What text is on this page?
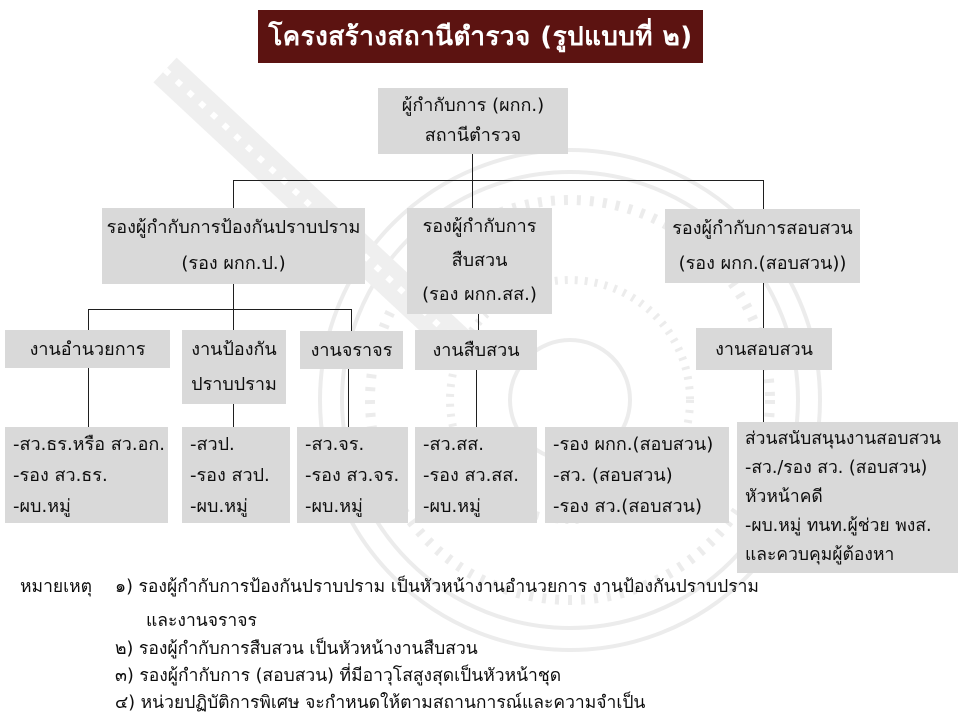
โครงสร้างสถานีตำรวจ (รูปแบบที่ ๒)
ผู้กำกับการ (ผกก.)
สถานีตำรวจ
รองผู้กำกับการป้องกันปราบปราม
(รอง ผกก.ป.)
รองผู้กำกับการ
สืบสวน
(รอง ผกก.สส.)
รองผู้กำกับการสอบสวน
(รอง ผกก.(สอบสวน))
งานอำนวยการ	งานป้องกัน
ปราบปราม
งานจราจร งานสืบสวน	งานสอบสวน
-สว.ธร.หรือ สว.อก.
-รอง สว.ธร.
-ผบ.หมู่
-สวป.
-รอง สวป.
-ผบ.หมู่
-สว.จร.
-รอง สว.จร.
-ผบ.หมู่
-สว.สส.
-รอง สว.สส.
-ผบ.หมู่
-รอง ผกก.(สอบสวน)
-สว. (สอบสวน)
-รอง สว.(สอบสวน)
ส่วนสนับสนุนงานสอบสวน
-สว./รอง สว. (สอบสวน)
หัวหน้าคดี
-ผบ.หมู่ ทนท.ผู้ช่วย พงส.
และควบคุมผู้ต้องหา
หมายเหตุ ๑) รองผู้กำกับการป้องกันปราบปราม เป็นหัวหน้างานอำนวยการ งานป้องกันปราบปราม
และงานจราจร
๒) รองผู้กำกับการสืบสวน เป็นหัวหน้างานสืบสวน
๓) รองผู้กำกับการ (สอบสวน) ที่มีอาวุโสสูงสุดเป็นหัวหน้าชุด
๔) หน่วยปฏิบัติการพิเศษ จะกำหนดให้ตามสถานการณ์และความจำเป็น
